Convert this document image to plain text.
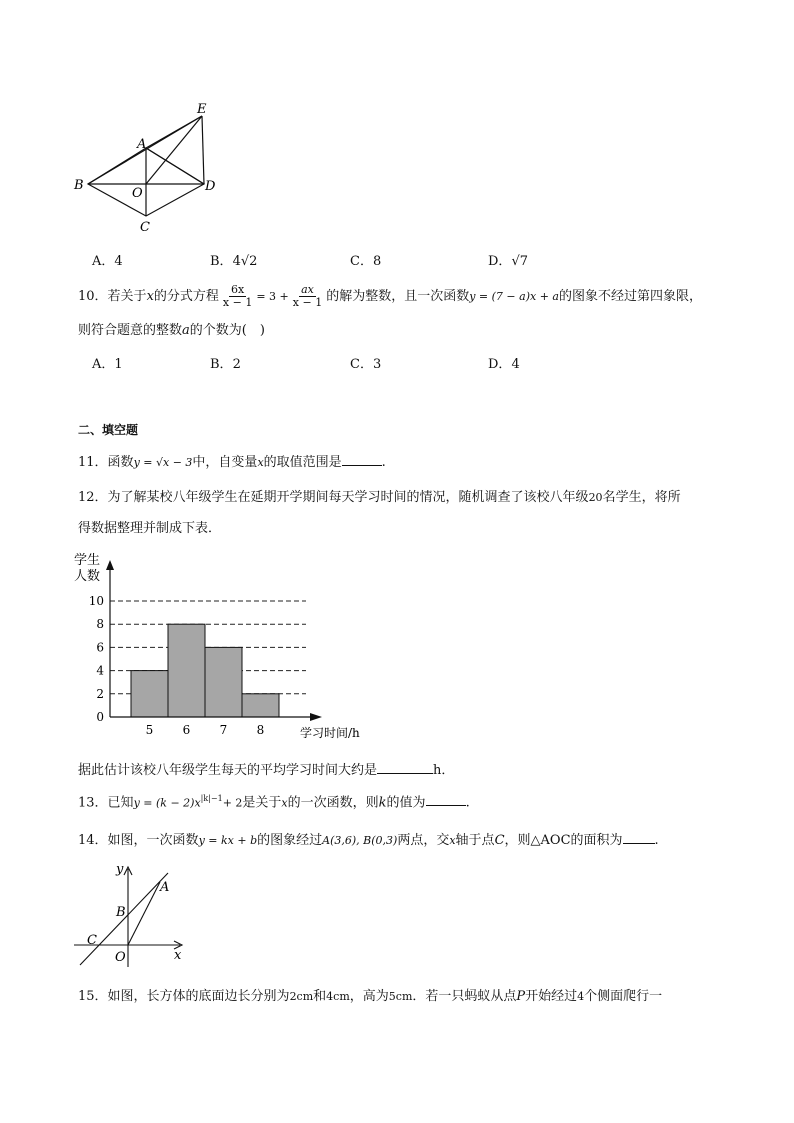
E
A
B
O	D
C
A．4	B．4√2	C．8	D．√7
10．若关于x的分式方程 $\frac{6x}{x - 1} = 3 + \frac{ax}{x - 1}$ 的解为整数，且一次函数y = (7 − a)x + a的图象不经过第四象限，
则符合题意的整数a的个数为(　)
A．1	B．2	C．3	D．4
二、填空题
11．函数y = √x − 3中，自变量x的取值范围是	.
12．为了解某校八年级学生在延期开学期间每天学习时间的情况，随机调查了该校八年级20名学生，将所
得数据整理并制成下表．
0
2
4
6
8
10
5 6 7 8
学生
人数
学习时间/h
据此估计该校八年级学生每天的平均学习时间大约是	h．
13．已知$y = (k - 2)x^{|k|-1}+ 2$是关于x的一次函数，则k的值为	.
14．如图，一次函数y = kx + b的图象经过A(3,6), B(0,3)两点，交x轴于点C，则△AOC的面积为 .
y
A
B
C
O	x
15．如图，长方体的底面边长分别为2cm和4cm，高为5cm．若一只蚂蚁从点P开始经过4个侧面爬行一
